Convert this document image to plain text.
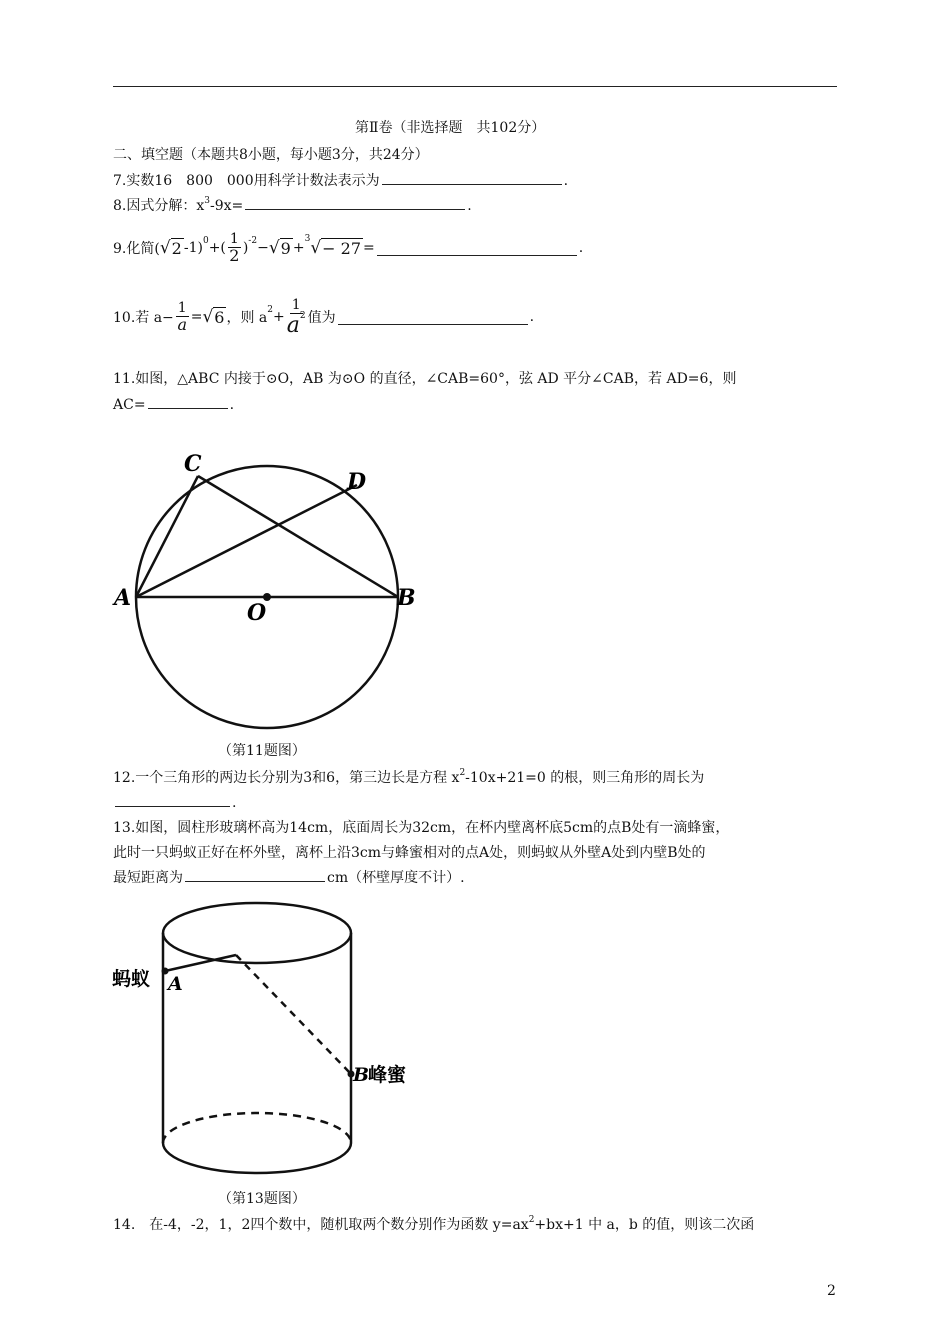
第Ⅱ卷（非选择题　共102分）
二、填空题（本题共8小题，每小题3分，共24分）
7.实数16　800　000用科学计数法表示为	.
8.因式分解：$x^3-9x=$	.
9.化简( √ 2 -1) 0 +( $\frac{1}{2}$ ) -2 − √ 9 +
3 √ − 27 =	.
10.若 $a- \frac{1}{a}$ = √ 6 ，则 a $2 + \frac{1}{a^2}$ 值为	.
11.如图，△ABC 内接于⊙O，AB 为⊙O 的直径，∠CAB=60°，弦 AD 平分∠CAB，若 AD=6，则
AC=	.
A	B
C
D
O
（第11题图）
12.一个三角形的两边长分别为3和6，第三边长是方程 $x^2-10x+21=0$ 的根，则三角形的周长为
.
13.如图，圆柱形玻璃杯高为14cm，底面周长为32cm，在杯内壁离杯底5cm的点B处有一滴蜂蜜，
此时一只蚂蚁正好在杯外壁，离杯上沿3cm与蜂蜜相对的点A处，则蚂蚁从外壁A处到内壁B处的
最短距离为	cm（杯壁厚度不计）.
蚂蚁 A
B
峰蜜
（第13题图）
14.　在-4，-2，1，2四个数中，随机取两个数分别作为函数 $y=ax^2+bx+1$ 中 a，b 的值，则该二次函
2
